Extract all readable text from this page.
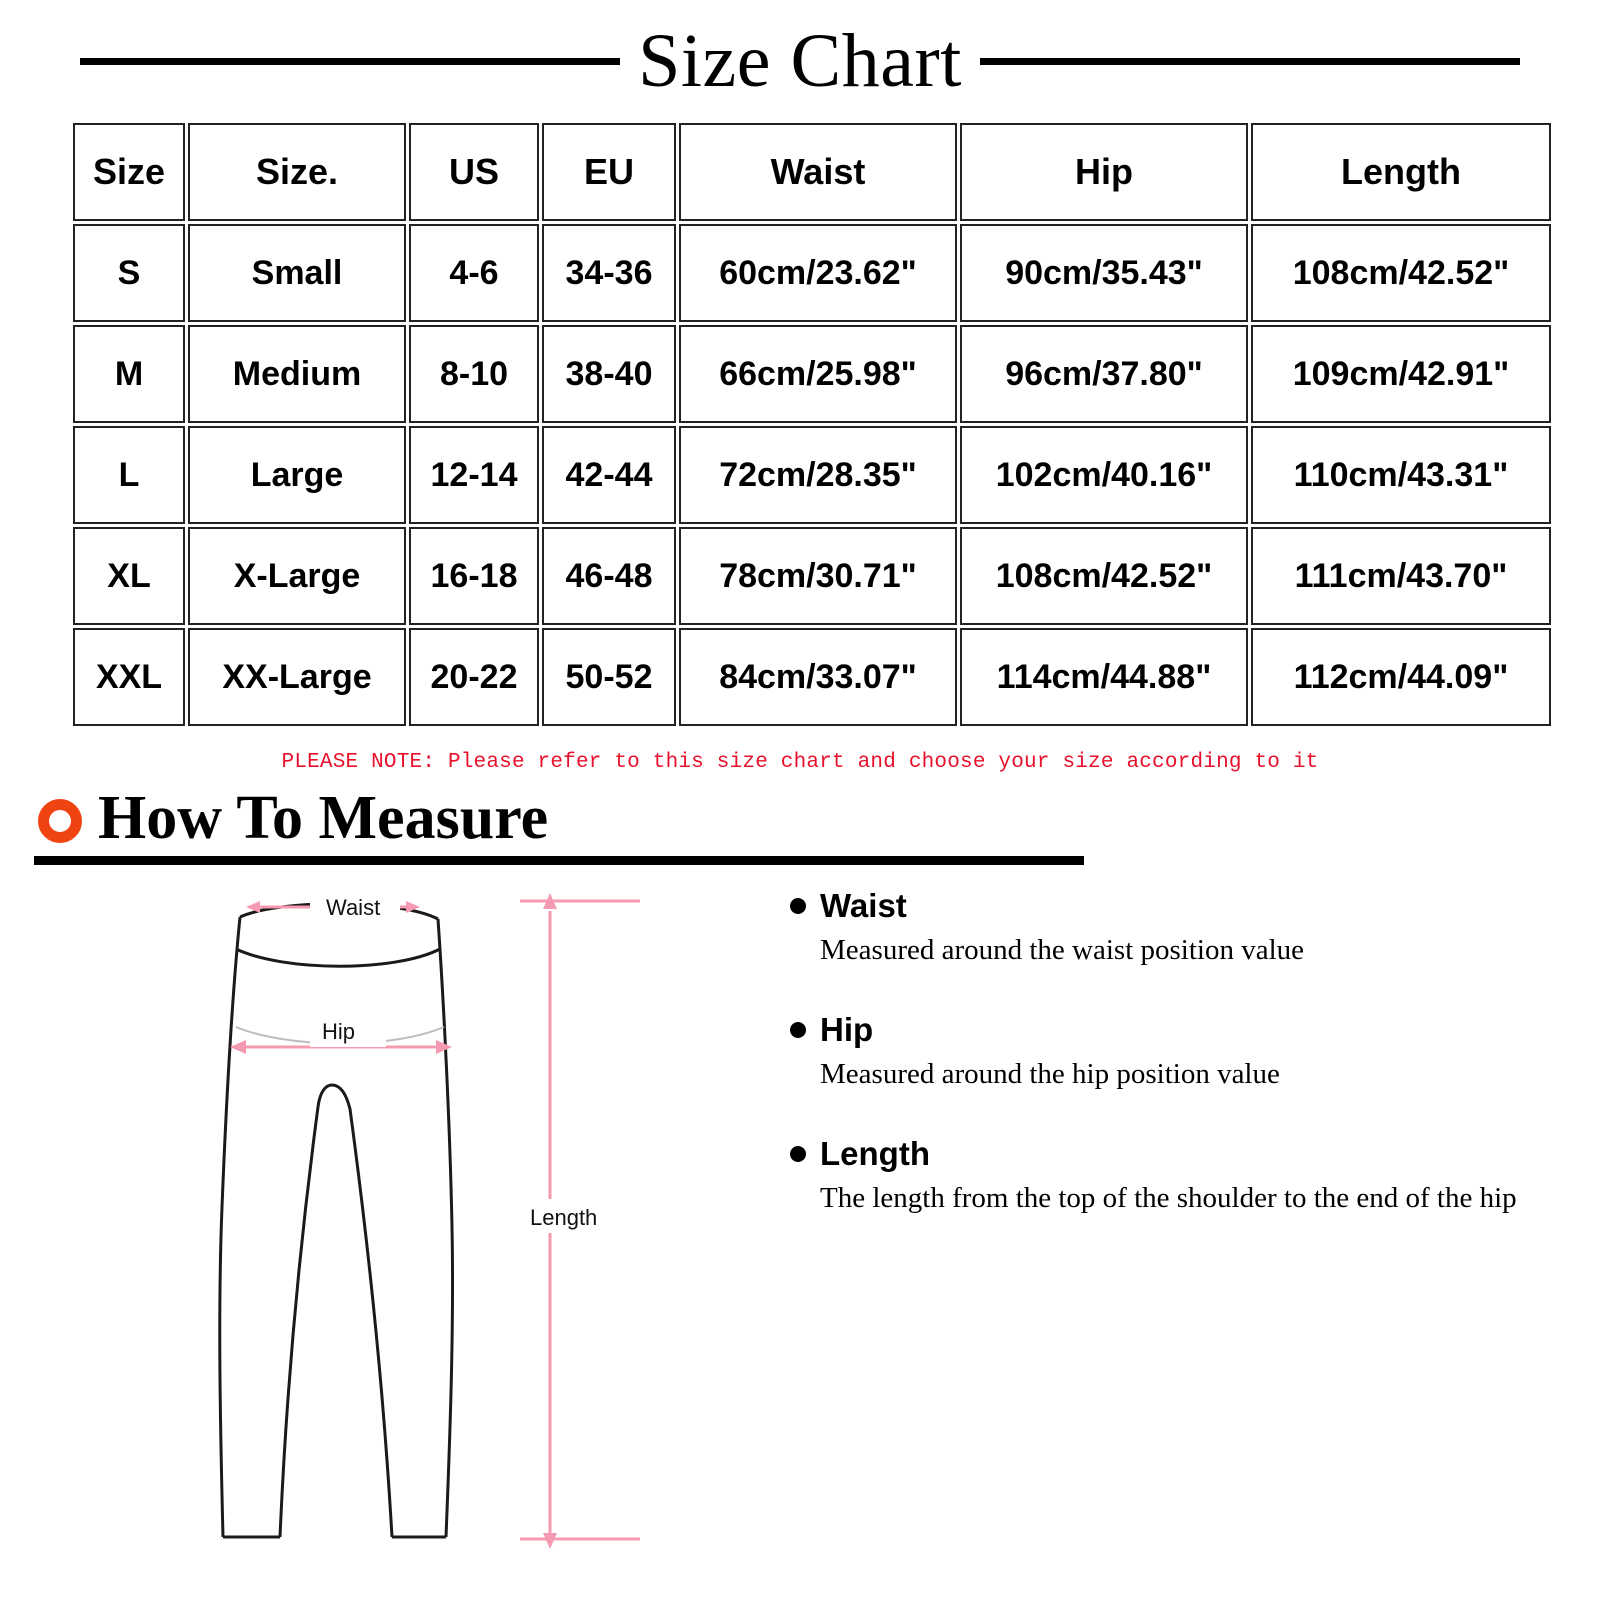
Size Chart
Size	Size.	US	EU	Waist	Hip	Length
S	Small	4-6	34-36	60cm/23.62"	90cm/35.43"	108cm/42.52"
M	Medium	8-10	38-40	66cm/25.98"	96cm/37.80"	109cm/42.91"
L	Large	12-14	42-44	72cm/28.35"	102cm/40.16"	110cm/43.31"
XL	X-Large	16-18	46-48	78cm/30.71"	108cm/42.52"	111cm/43.70"
XXL	XX-Large	20-22	50-52	84cm/33.07"	114cm/44.88"	112cm/44.09"
PLEASE NOTE: Please refer to this size chart and choose your size according to it
How To Measure
Waist
Hip
Length
Waist
Measured around the waist position value
Hip
Measured around the hip position value
Length
The length from the top of the shoulder to the end of the hip
